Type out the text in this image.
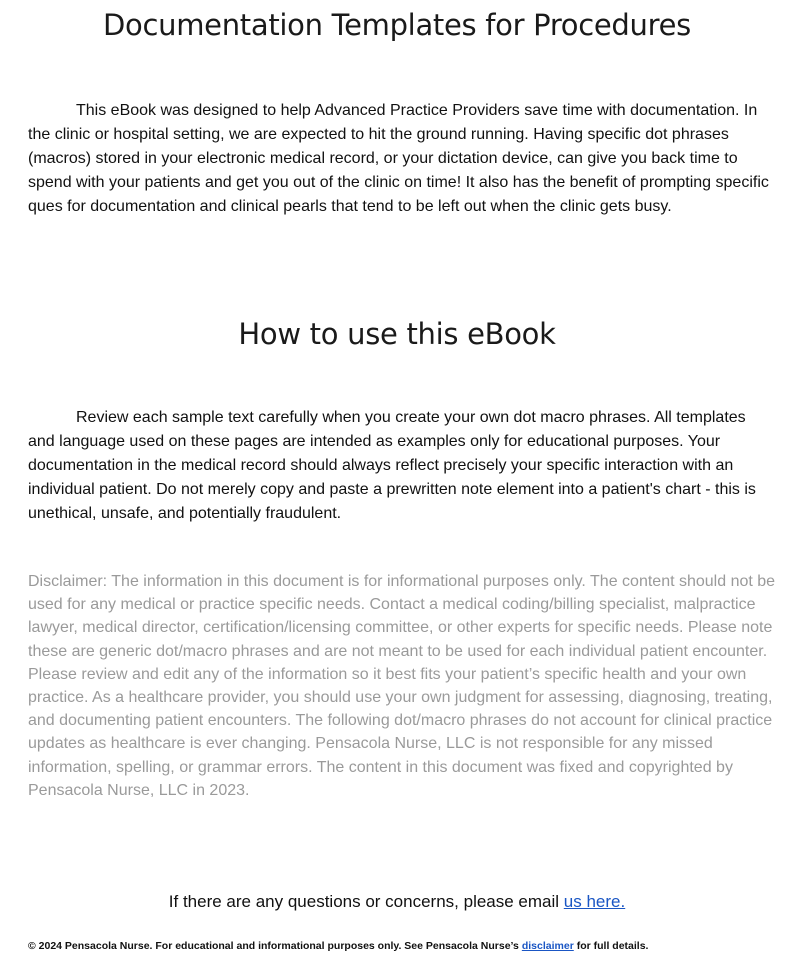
Documentation Templates for Procedures

This eBook was designed to help Advanced Practice Providers save time with documentation. In the clinic or hospital setting, we are expected to hit the ground running. Having specific dot phrases (macros) stored in your electronic medical record, or your dictation device, can give you back time to spend with your patients and get you out of the clinic on time! It also has the benefit of prompting specific ques for documentation and clinical pearls that tend to be left out when the clinic gets busy.

How to use this eBook

Review each sample text carefully when you create your own dot macro phrases. All templates and language used on these pages are intended as examples only for educational purposes. Your documentation in the medical record should always reflect precisely your specific interaction with an individual patient. Do not merely copy and paste a prewritten note element into a patient's chart - this is unethical, unsafe, and potentially fraudulent.

Disclaimer: The information in this document is for informational purposes only. The content should not be used for any medical or practice specific needs. Contact a medical coding/billing specialist, malpractice lawyer, medical director, certification/licensing committee, or other experts for specific needs. Please note these are generic dot/macro phrases and are not meant to be used for each individual patient encounter. Please review and edit any of the information so it best fits your patient’s specific health and your own practice. As a healthcare provider, you should use your own judgment for assessing, diagnosing, treating, and documenting patient encounters. The following dot/macro phrases do not account for clinical practice updates as healthcare is ever changing. Pensacola Nurse, LLC is not responsible for any missed information, spelling, or grammar errors. The content in this document was fixed and copyrighted by Pensacola Nurse, LLC in 2023.

If there are any questions or concerns, please email us here.

© 2024 Pensacola Nurse. For educational and informational purposes only. See Pensacola Nurse’s disclaimer for full details.
